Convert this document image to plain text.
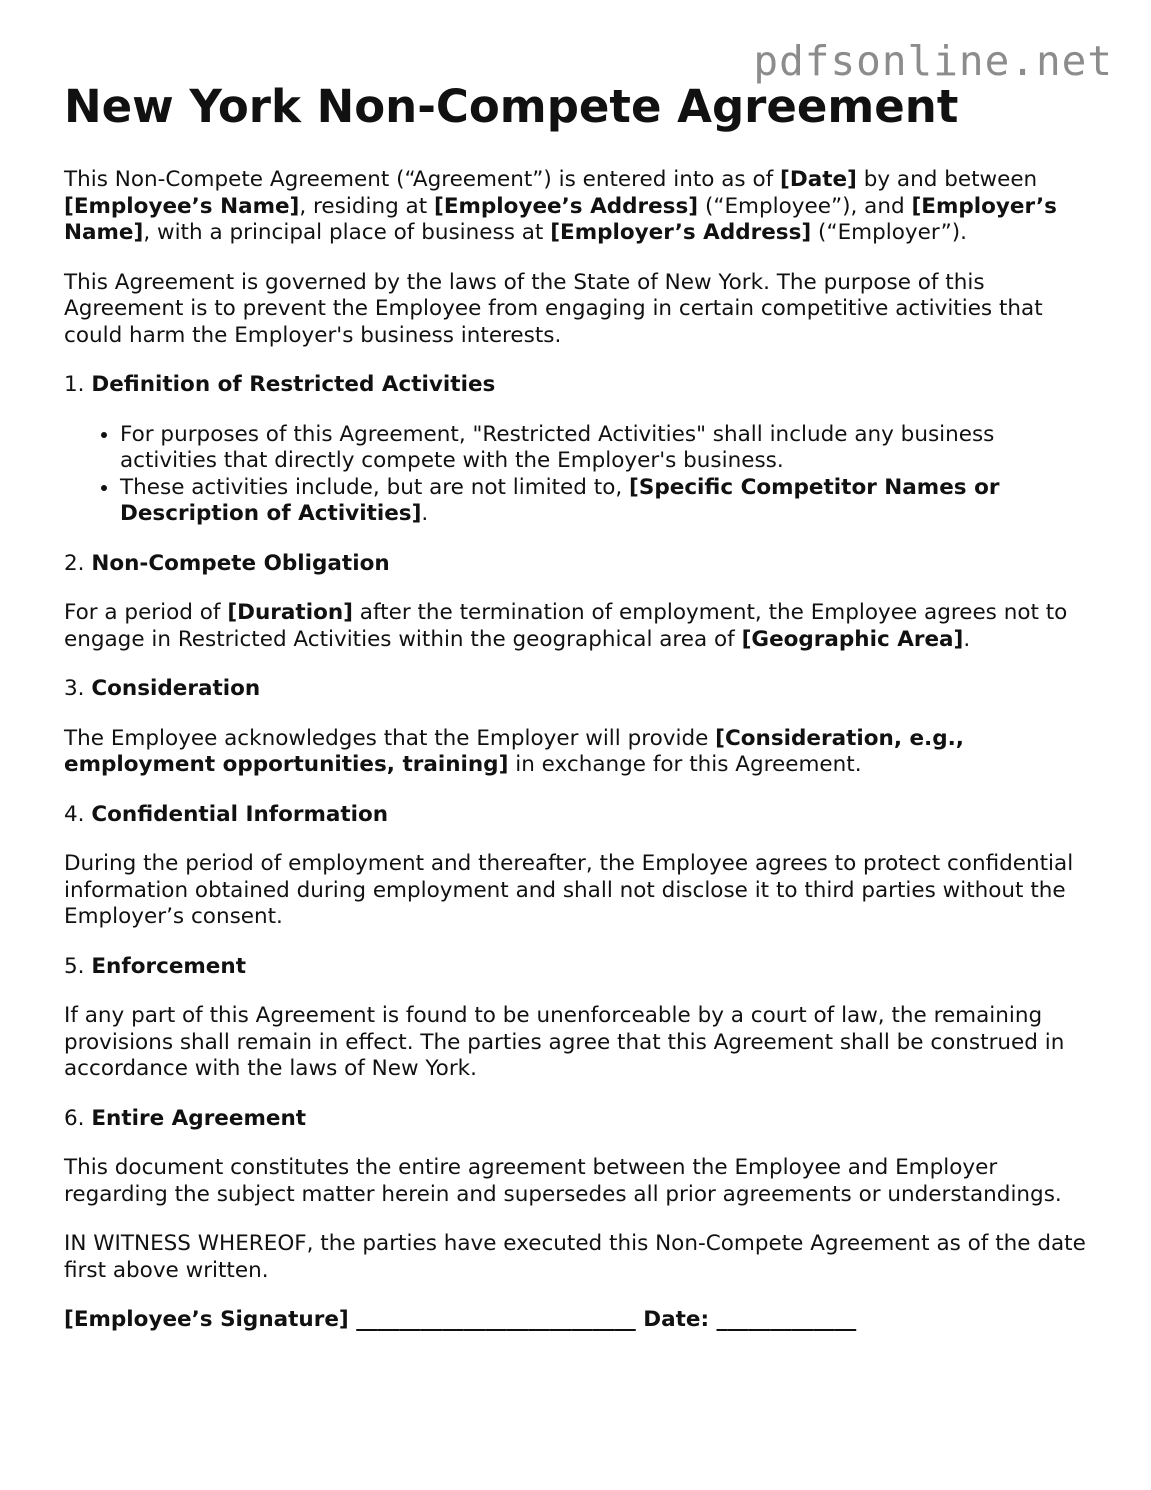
pdfsonline.net
New York Non-Compete Agreement

This Non-Compete Agreement (“Agreement”) is entered into as of [Date] by and between [Employee’s Name], residing at [Employee’s Address] (“Employee”), and [Employer’s Name], with a principal place of business at [Employer’s Address] (“Employer”).

This Agreement is governed by the laws of the State of New York. The purpose of this Agreement is to prevent the Employee from engaging in certain competitive activities that could harm the Employer's business interests.

1. Definition of Restricted Activities

• For purposes of this Agreement, "Restricted Activities" shall include any business activities that directly compete with the Employer's business.
• These activities include, but are not limited to, [Specific Competitor Names or Description of Activities].

2. Non-Compete Obligation

For a period of [Duration] after the termination of employment, the Employee agrees not to engage in Restricted Activities within the geographical area of [Geographic Area].

3. Consideration

The Employee acknowledges that the Employer will provide [Consideration, e.g., employment opportunities, training] in exchange for this Agreement.

4. Confidential Information

During the period of employment and thereafter, the Employee agrees to protect confidential information obtained during employment and shall not disclose it to third parties without the Employer’s consent.

5. Enforcement

If any part of this Agreement is found to be unenforceable by a court of law, the remaining provisions shall remain in effect. The parties agree that this Agreement shall be construed in accordance with the laws of New York.

6. Entire Agreement

This document constitutes the entire agreement between the Employee and Employer regarding the subject matter herein and supersedes all prior agreements or understandings.

IN WITNESS WHEREOF, the parties have executed this Non-Compete Agreement as of the date first above written.

[Employee’s Signature] __________________________ Date: _____________
